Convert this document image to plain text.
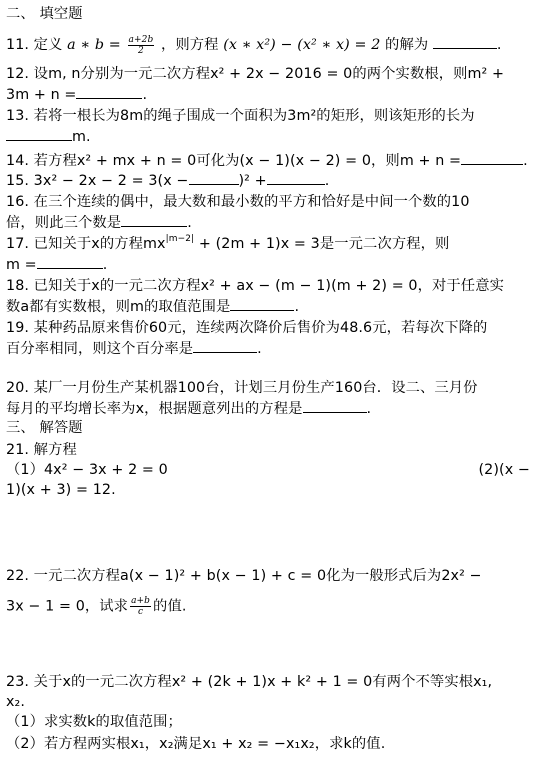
二、 填空题
11. 定义 a ∗ $b = \frac{a+2b}{2}$ ，则方程 (x ∗ x²) − (x² ∗ x) = 2 的解为	.
12. 设m, n分别为一元二次方程x² + 2x − 2016 = 0的两个实数根，则m² +
3m + n =	.
13. 若将一根长为8m的绳子围成一个面积为3m²的矩形，则该矩形的长为
m.
14. 若方程x² + mx + n = 0可化为(x − 1)(x − 2) = 0，则m + n =	.
15. 3x² − 2x − 2 = 3(x −	)² +	.
16. 在三个连续的偶中，最大数和最小数的平方和恰好是中间一个数的10
倍，则此三个数是	.
17. 已知关于x的方程$mx^{|m-2|} + (2m + 1)x = 3$是一元二次方程，则
m =	.
18. 已知关于x的一元二次方程x² + ax − (m − 1)(m + 2) = 0，对于任意实
数a都有实数根，则m的取值范围是	.
19. 某种药品原来售价60元，连续两次降价后售价为48.6元，若每次下降的
百分率相同，则这个百分率是	.
20. 某厂一月份生产某机器100台，计划三月份生产160台．设二、三月份
每月的平均增长率为x，根据题意列出的方程是	.
三、 解答题
21. 解方程
（1）4x² − 3x + 2 = 0	(2)(x −
1)(x + 3) = 12.
22. 一元二次方程a(x − 1)² + b(x − 1) + c = 0化为一般形式后为2x² −
3x − 1 = 0，试求 $\frac{a+b}{c}$ 的值.
23. 关于x的一元二次方程x² + (2k + 1)x + k² + 1 = 0有两个不等实根x₁,
x₂.
（1）求实数k的取值范围；
（2）若方程两实根x₁，x₂满足x₁ + x₂ = −x₁x₂，求k的值.
